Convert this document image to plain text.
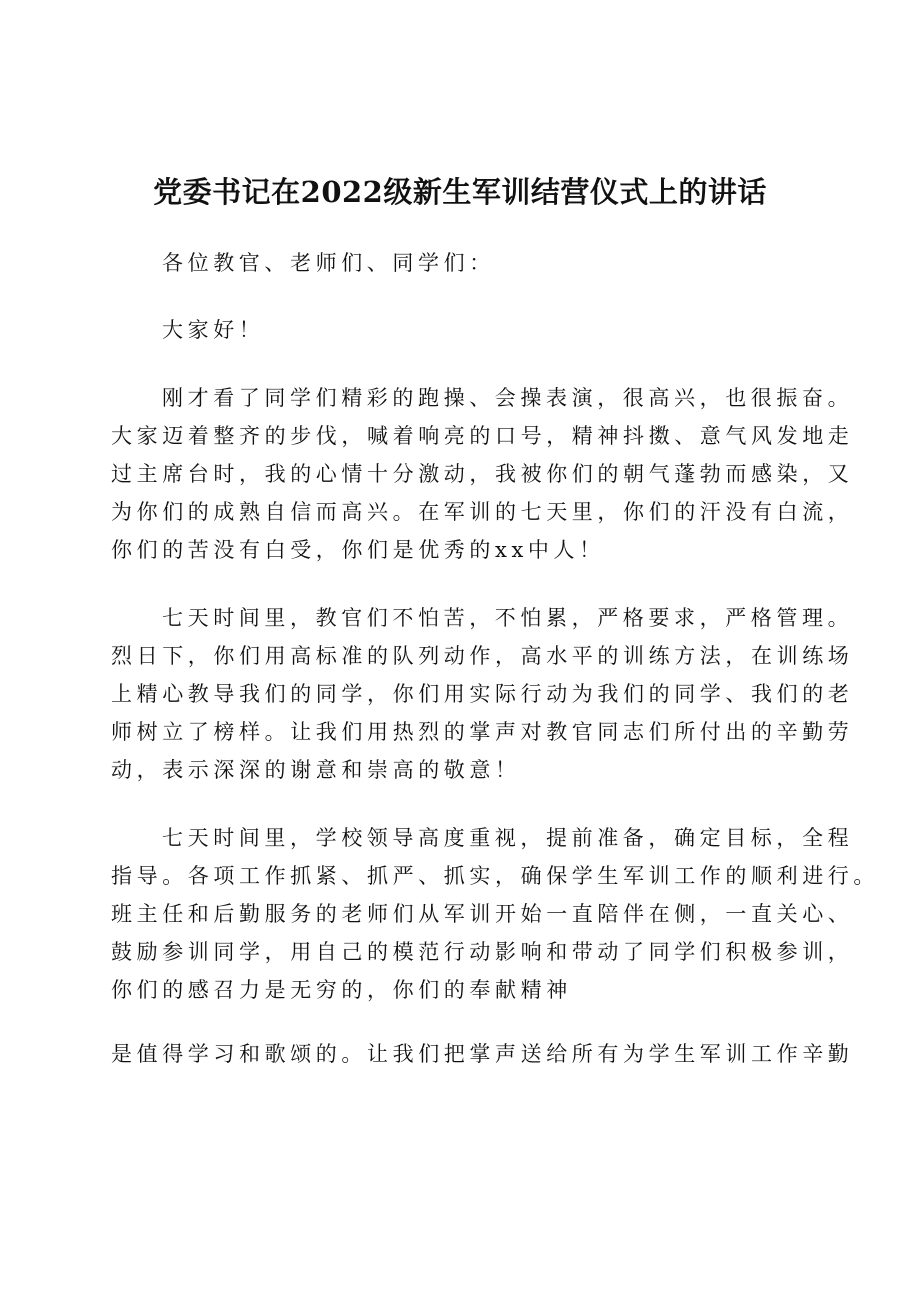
党委书记在2022级新生军训结营仪式上的讲话

各位教官、老师们、同学们：

大家好！

刚才看了同学们精彩的跑操、会操表演，很高兴，也很振奋。

大家迈着整齐的步伐，喊着响亮的口号，精神抖擞、意气风发地走

过主席台时，我的心情十分激动，我被你们的朝气蓬勃而感染，又

为你们的成熟自信而高兴。在军训的七天里，你们的汗没有白流，

你们的苦没有白受，你们是优秀的xx中人！

七天时间里，教官们不怕苦，不怕累，严格要求，严格管理。

烈日下，你们用高标准的队列动作，高水平的训练方法，在训练场

上精心教导我们的同学，你们用实际行动为我们的同学、我们的老

师树立了榜样。让我们用热烈的掌声对教官同志们所付出的辛勤劳

动，表示深深的谢意和崇高的敬意！

七天时间里，学校领导高度重视，提前准备，确定目标，全程

指导。各项工作抓紧、抓严、抓实，确保学生军训工作的顺利进行。

班主任和后勤服务的老师们从军训开始一直陪伴在侧，一直关心、

鼓励参训同学，用自己的模范行动影响和带动了同学们积极参训，

你们的感召力是无穷的，你们的奉献精神

是值得学习和歌颂的。让我们把掌声送给所有为学生军训工作辛勤
